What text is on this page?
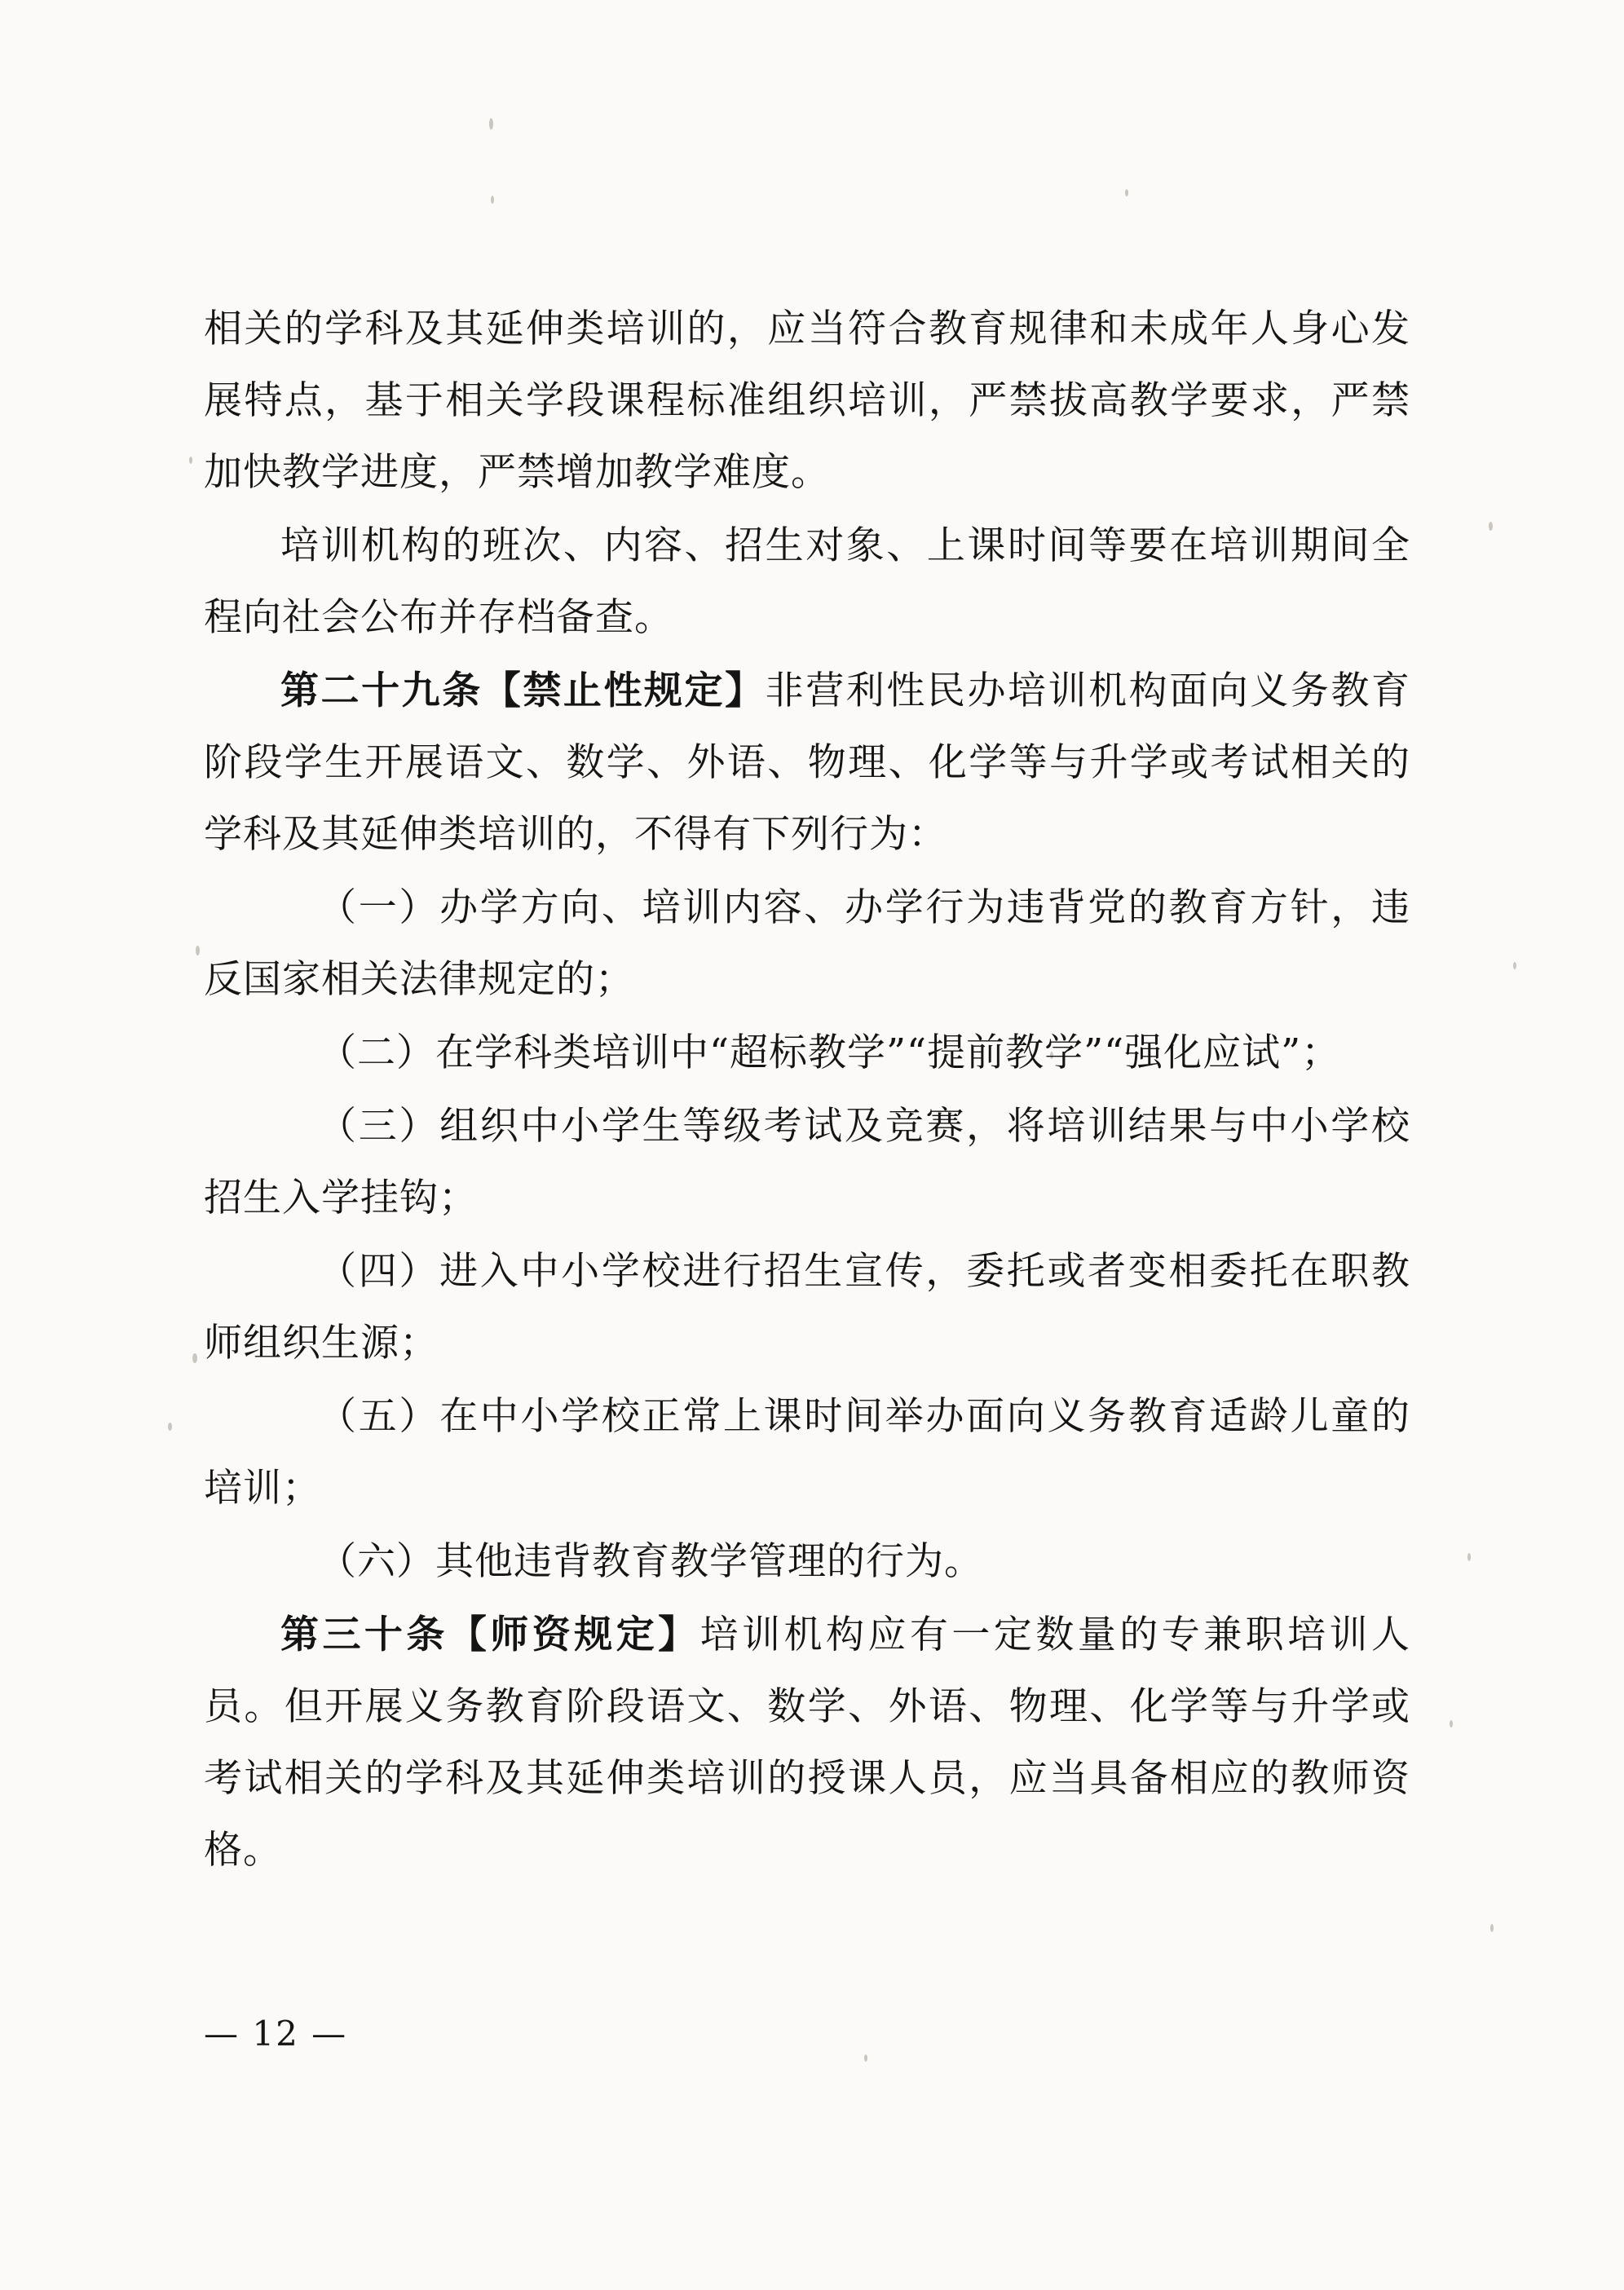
相关的学科及其延伸类培训的，应当符合教育规律和未成年人身心发展特点，基于相关学段课程标准组织培训，严禁拔高教学要求，严禁加快教学进度，严禁增加教学难度。

培训机构的班次、内容、招生对象、上课时间等要在培训期间全程向社会公布并存档备查。

第二十九条【禁止性规定】非营利性民办培训机构面向义务教育阶段学生开展语文、数学、外语、物理、化学等与升学或考试相关的学科及其延伸类培训的，不得有下列行为：

（一）办学方向、培训内容、办学行为违背党的教育方针，违反国家相关法律规定的；

（二）在学科类培训中“超标教学”“提前教学”“强化应试”；

（三）组织中小学生等级考试及竞赛，将培训结果与中小学校招生入学挂钩；

（四）进入中小学校进行招生宣传，委托或者变相委托在职教师组织生源；

（五）在中小学校正常上课时间举办面向义务教育适龄儿童的培训；

（六）其他违背教育教学管理的行为。

第三十条【师资规定】培训机构应有一定数量的专兼职培训人员。但开展义务教育阶段语文、数学、外语、物理、化学等与升学或考试相关的学科及其延伸类培训的授课人员，应当具备相应的教师资格。

— 12 —
